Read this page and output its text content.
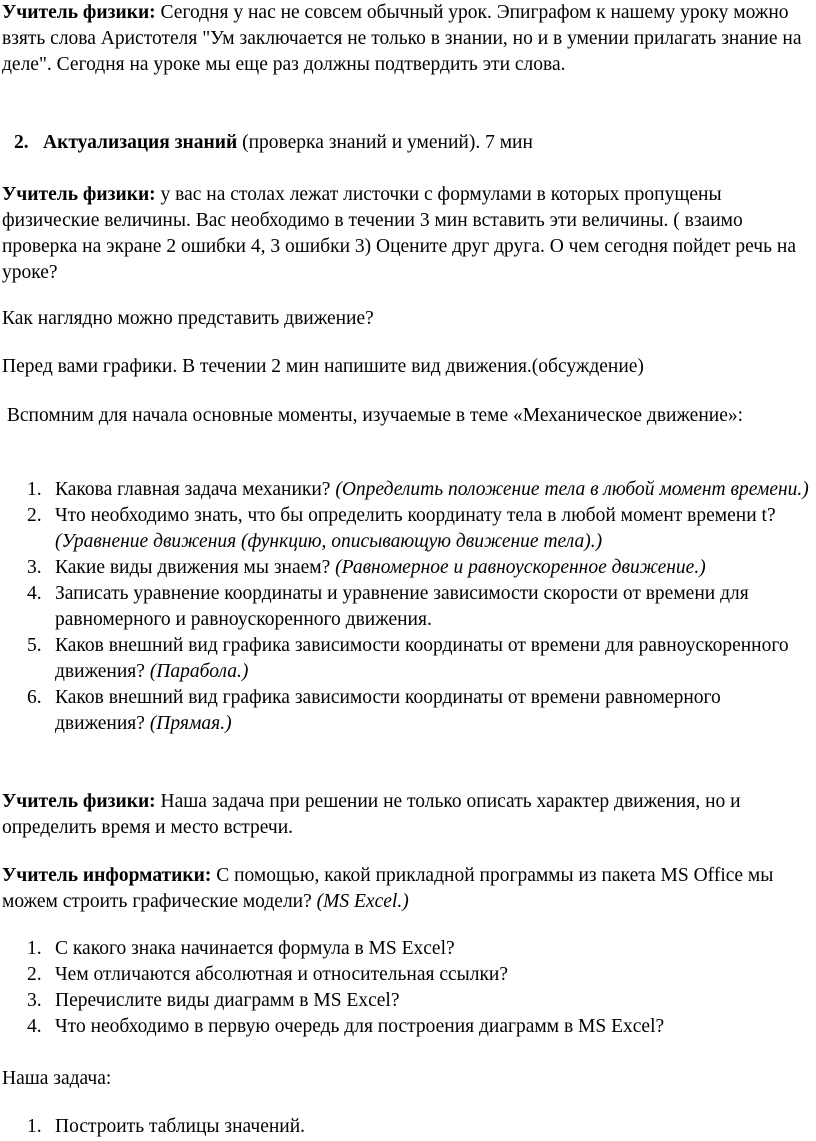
Учитель физики: Сегодня у нас не совсем обычный урок. Эпиграфом к нашему уроку можно взять слова Аристотеля "Ум заключается не только в знании, но и в умении прилагать знание на деле". Сегодня на уроке мы еще раз должны подтвердить эти слова.

2. Актуализация знаний (проверка знаний и умений). 7 мин

Учитель физики: у вас на столах лежат листочки с формулами в которых пропущены физические величины. Вас необходимо в течении 3 мин вставить эти величины. ( взаимо проверка на экране 2 ошибки 4, 3 ошибки 3) Оцените друг друга. О чем сегодня пойдет речь на уроке?

Как наглядно можно представить движение?

Перед вами графики. В течении 2 мин напишите вид движения.(обсуждение)

Вспомним для начала основные моменты, изучаемые в теме «Механическое движение»:

1. Какова главная задача механики? (Определить положение тела в любой момент времени.)
2. Что необходимо знать, что бы определить координату тела в любой момент времени t? (Уравнение движения (функцию, описывающую движение тела).)
3. Какие виды движения мы знаем? (Равномерное и равноускоренное движение.)
4. Записать уравнение координаты и уравнение зависимости скорости от времени для равномерного и равноускоренного движения.
5. Каков внешний вид графика зависимости координаты от времени для равноускоренного движения? (Парабола.)
6. Каков внешний вид графика зависимости координаты от времени равномерного движения? (Прямая.)

Учитель физики: Наша задача при решении не только описать характер движения, но и определить время и место встречи.

Учитель информатики: С помощью, какой прикладной программы из пакета MS Office мы можем строить графические модели? (MS Excel.)

1. С какого знака начинается формула в MS Excel?
2. Чем отличаются абсолютная и относительная ссылки?
3. Перечислите виды диаграмм в MS Excel?
4. Что необходимо в первую очередь для построения диаграмм в MS Excel?

Наша задача:

1. Построить таблицы значений.
